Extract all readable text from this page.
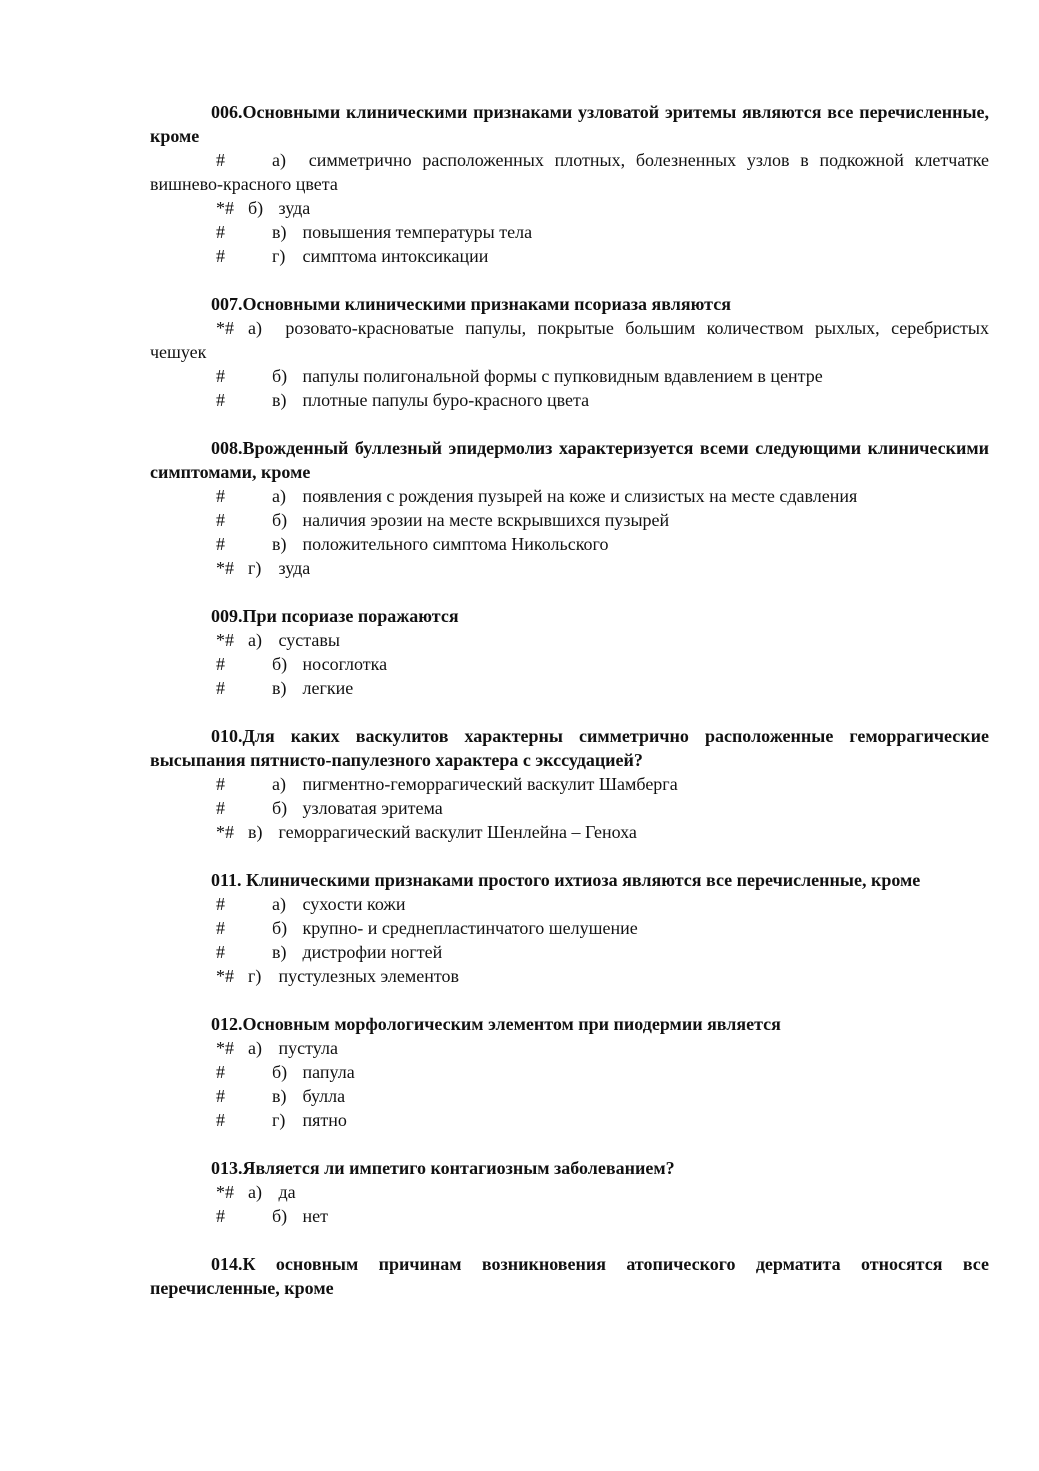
006.Основными клиническими признаками узловатой эритемы являются все перечисленные, кроме

#	а) симметрично расположенных плотных, болезненных узлов в подкожной клетчатке вишнево-красного цвета

*# б) зуда

#	в) повышения температуры тела

#	г) симптома интоксикации

007.Основными клиническими признаками псориаза являются

*# а) розовато-красноватые папулы, покрытые большим количеством рыхлых, серебристых чешуек

#	б) папулы полигональной формы с пупковидным вдавлением в центре

#	в) плотные папулы буро-красного цвета

008.Врожденный буллезный эпидермолиз характеризуется всеми следующими клиническими симптомами, кроме

#	а) появления с рождения пузырей на коже и слизистых на месте сдавления

#	б) наличия эрозии на месте вскрывшихся пузырей

#	в) положительного симптома Никольского

*# г) зуда

009.При псориазе поражаются

*# а) суставы

#	б) носоглотка

#	в) легкие

010.Для каких васкулитов характерны симметрично расположенные геморрагические высыпания пятнисто-папулезного характера с экссудацией?

#	а) пигментно-геморрагический васкулит Шамберга

#	б) узловатая эритема

*# в) геморрагический васкулит Шенлейна – Геноха

011. Клиническими признаками простого ихтиоза являются все перечисленные, кроме

#	а) сухости кожи

#	б) крупно- и среднепластинчатого шелушение

#	в) дистрофии ногтей

*# г) пустулезных элементов

012.Основным морфологическим элементом при пиодермии является

*# а) пустула

#	б) папула

#	в) булла

#	г) пятно

013.Является ли импетиго контагиозным заболеванием?

*# а) да

#	б) нет

014.К основным причинам возникновения атопического дерматита относятся все перечисленные, кроме
